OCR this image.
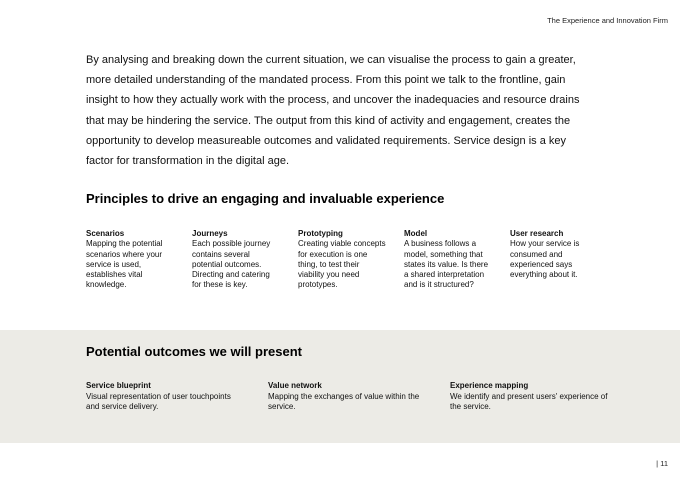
The Experience and Innovation Firm

By analysing and breaking down the current situation, we can visualise the process to gain a greater, more detailed understanding of the mandated process. From this point we talk to the frontline, gain insight to how they actually work with the process, and uncover the inadequacies and resource drains that may be hindering the service. The output from this kind of activity and engagement, creates the opportunity to develop measureable outcomes and validated requirements. Service design is a key factor for transformation in the digital age.

Principles to drive an engaging and invaluable experience
Scenarios
Mapping the potential scenarios where your service is used, establishes vital knowledge.
Journeys
Each possible journey contains several potential outcomes. Directing and catering for these is key.
Prototyping
Creating viable concepts for execution is one thing, to test their viability you need prototypes.
Model
A business follows a model, something that states its value. Is there a shared interpretation and is it structured?
User research
How your service is consumed and experienced says everything about it.
Potential outcomes we will present
Service blueprint
Visual representation of user touchpoints and service delivery.
Value network
Mapping the exchanges of value within the service.
Experience mapping
We identify and present users' experience of the service.
| 11
